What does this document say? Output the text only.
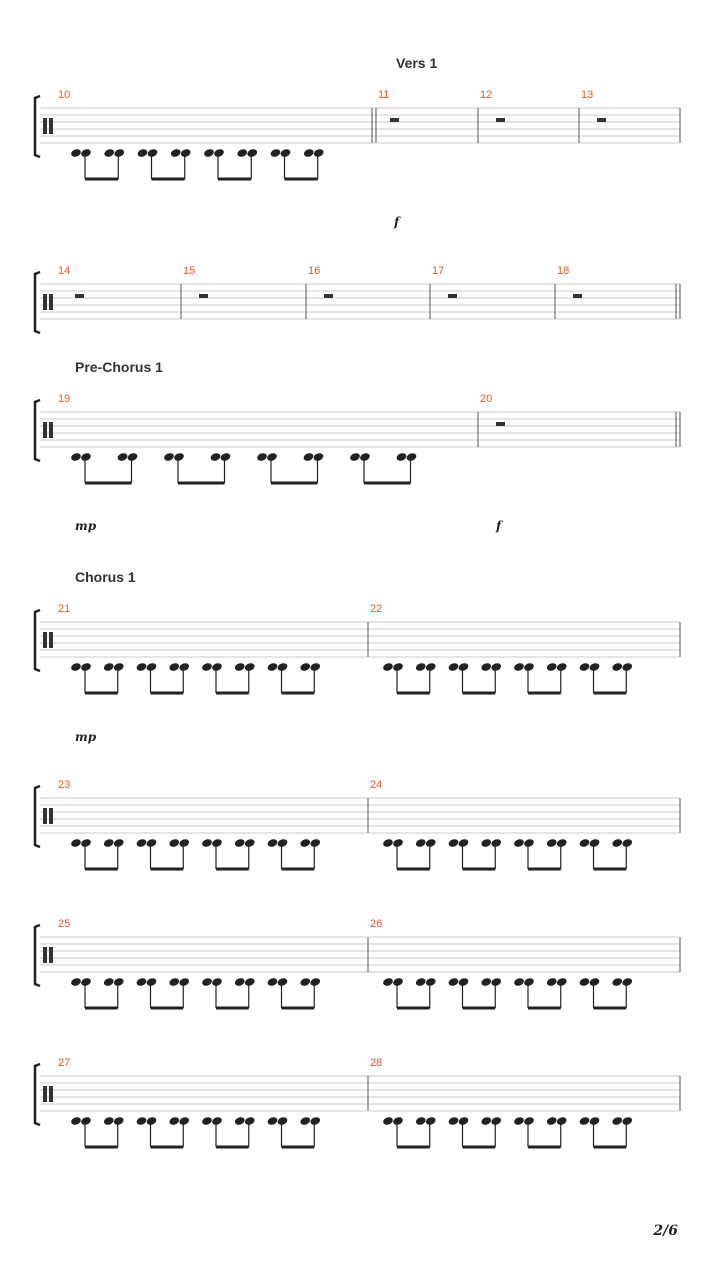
Vers 1
Pre-Chorus 1
Chorus 1
10	11	12	13
f
14	15	16	17	18
19	20
mp	f
21	22
mp
23	24
25	26
27	28
2/6
